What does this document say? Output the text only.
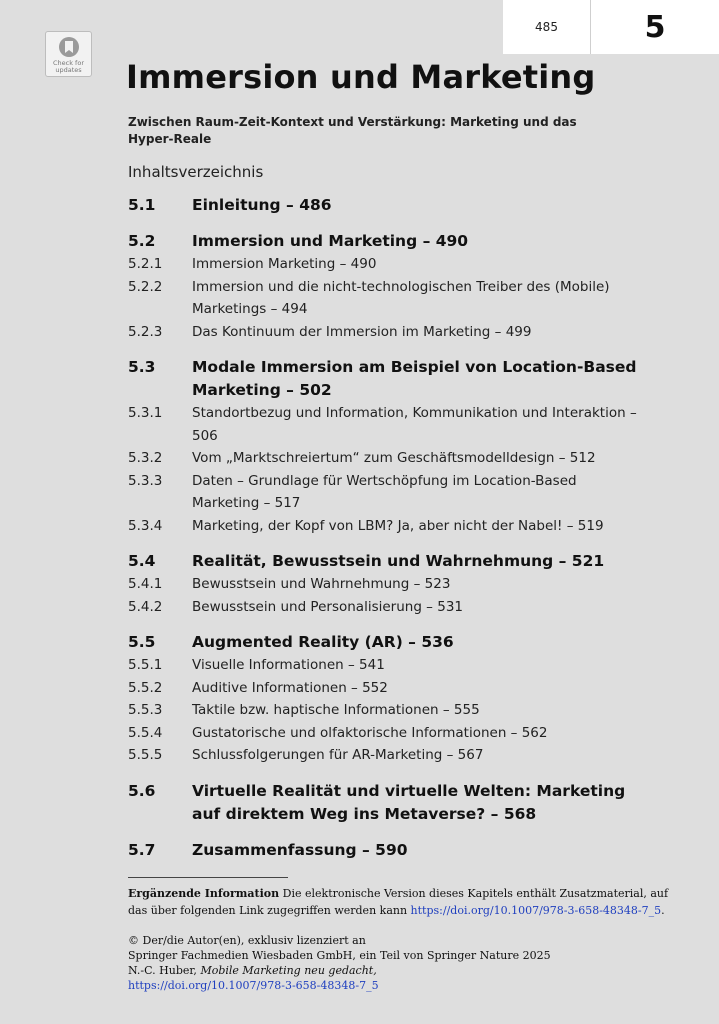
485	5
Check for
updates Immersion und Marketing
Zwischen Raum-Zeit-Kontext und Verstärkung: Marketing und das Hyper-Reale
Inhaltsverzeichnis
5.1	Einleitung – 486
5.2	Immersion und Marketing – 490
5.2.1	Immersion Marketing – 490
5.2.2	Immersion und die nicht-technologischen Treiber des (Mobile) Marketings – 494
5.2.3	Das Kontinuum der Immersion im Marketing – 499
5.3	Modale Immersion am Beispiel von Location-Based Marketing – 502
5.3.1	Standortbezug und Information, Kommunikation und Interaktion – 506
5.3.2	Vom „Marktschreiertum“ zum Geschäftsmodelldesign – 512
5.3.3	Daten – Grundlage für Wertschöpfung im Location-Based Marketing – 517
5.3.4	Marketing, der Kopf von LBM? Ja, aber nicht der Nabel! – 519
5.4	Realität, Bewusstsein und Wahrnehmung – 521
5.4.1	Bewusstsein und Wahrnehmung – 523
5.4.2	Bewusstsein und Personalisierung – 531
5.5	Augmented Reality (AR) – 536
5.5.1	Visuelle Informationen – 541
5.5.2	Auditive Informationen – 552
5.5.3	Taktile bzw. haptische Informationen – 555
5.5.4	Gustatorische und olfaktorische Informationen – 562
5.5.5	Schlussfolgerungen für AR-Marketing – 567
5.6	Virtuelle Realität und virtuelle Welten: Marketing auf direktem Weg ins Metaverse? – 568
5.7	Zusammenfassung – 590
Ergänzende Information Die elektronische Version dieses Kapitels enthält Zusatzmaterial, auf das über folgenden Link zugegriffen werden kann https://doi.org/10.1007/978-3-658-48348-7_5.
© Der/die Autor(en), exklusiv lizenziert an
Springer Fachmedien Wiesbaden GmbH, ein Teil von Springer Nature 2025
N.-C. Huber, Mobile Marketing neu gedacht,
https://doi.org/10.1007/978-3-658-48348-7_5
